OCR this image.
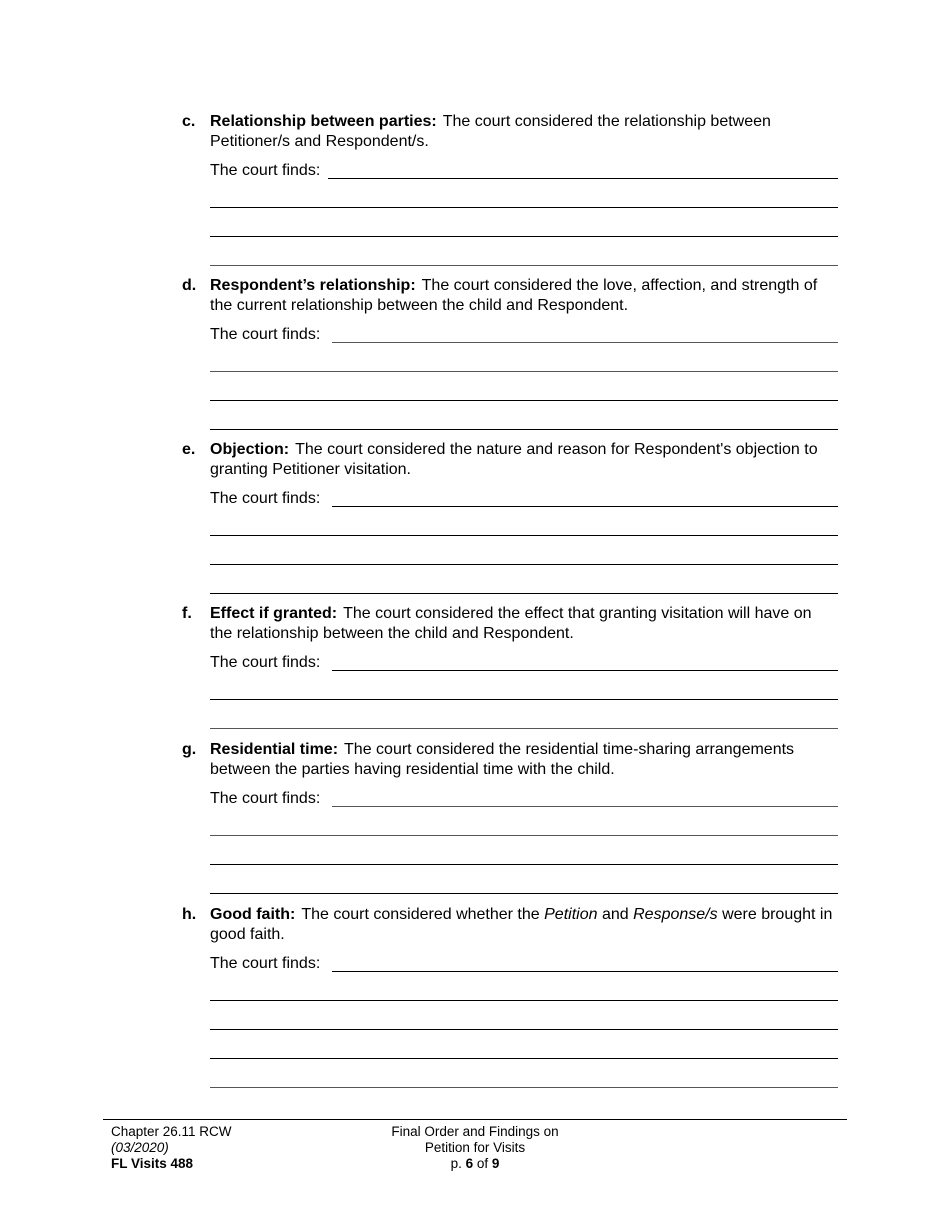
c. Relationship between parties: The court considered the relationship between Petitioner/s and Respondent/s.
The court finds:
d. Respondent’s relationship: The court considered the love, affection, and strength of the current relationship between the child and Respondent.
The court finds:
e. Objection: The court considered the nature and reason for Respondent's objection to granting Petitioner visitation.
The court finds:
f. Effect if granted: The court considered the effect that granting visitation will have on the relationship between the child and Respondent.
The court finds:
g. Residential time: The court considered the residential time-sharing arrangements between the parties having residential time with the child.
The court finds:
h. Good faith: The court considered whether the Petition and Response/s were brought in good faith.
The court finds:
Chapter 26.11 RCW
(03/2020)
FL Visits 488
Final Order and Findings on
Petition for Visits
p. 6 of 9
